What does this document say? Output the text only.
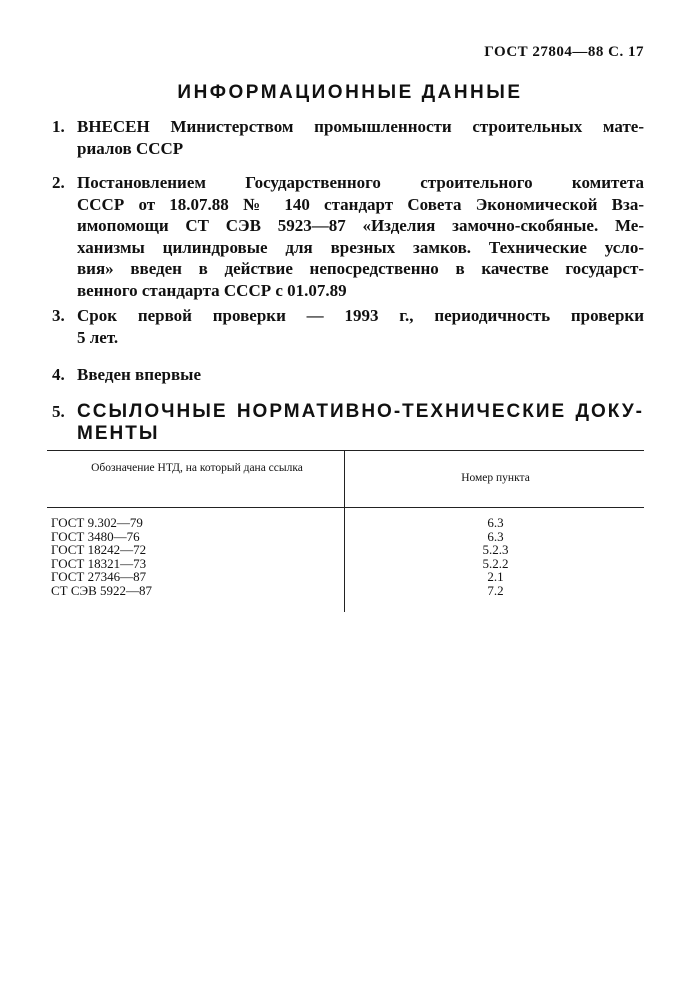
ГОСТ 27804—88 С. 17
ИНФОРМАЦИОННЫЕ ДАННЫЕ
1. ВНЕСЕН Министерством промышленности строительных мате-
риалов СССР
2. Постановлением Государственного строительного комитета
СССР от 18.07.88 № 140 стандарт Совета Экономической Вза-
имопомощи СТ СЭВ 5923—87 «Изделия замочно-скобяные. Ме-
ханизмы цилиндровые для врезных замков. Технические усло-
вия» введен в действие непосредственно в качестве государст-
венного стандарта СССР с 01.07.89
3. Срок первой проверки — 1993 г., периодичность проверки
5 лет.
4. Введен впервые
5. ССЫЛОЧНЫЕ НОРМАТИВНО-ТЕХНИЧЕСКИЕ ДОКУ-
МЕНТЫ
Обозначение НТД, на который дана ссылка
Номер пункта
ГОСТ 9.302—79	6.3
ГОСТ 3480—76	6.3
ГОСТ 18242—72	5.2.3
ГОСТ 18321—73	5.2.2
ГОСТ 27346—87	2.1
СТ СЭВ 5922—87	7.2
